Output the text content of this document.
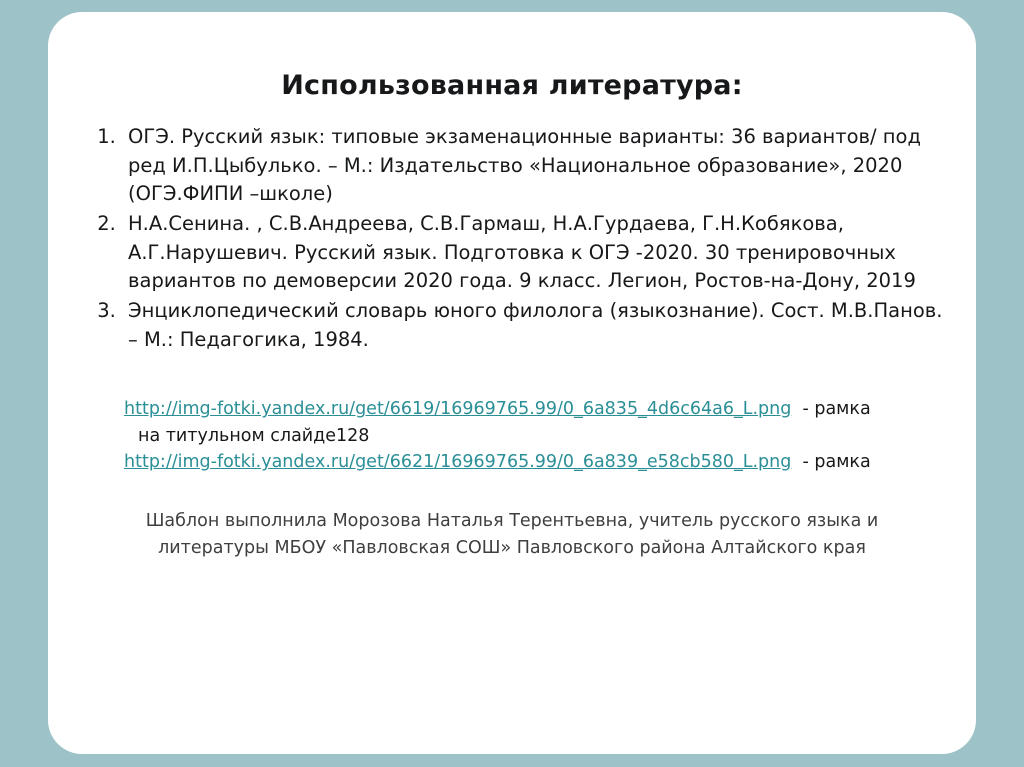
Использованная литература:
1. ОГЭ. Русский язык: типовые экзаменационные варианты: 36 вариантов/ под ред И.П.Цыбулько. – М.: Издательство «Национальное образование», 2020 (ОГЭ.ФИПИ –школе)
2. Н.А.Сенина. , С.В.Андреева, С.В.Гармаш, Н.А.Гурдаева, Г.Н.Кобякова, А.Г.Нарушевич. Русский язык. Подготовка к ОГЭ -2020. 30 тренировочных вариантов по демоверсии 2020 года. 9 класс. Легион, Ростов-на-Дону, 2019
3. Энциклопедический словарь юного филолога (языкознание). Сост. М.В.Панов. – М.: Педагогика, 1984.
http://img-fotki.yandex.ru/get/6619/16969765.99/0_6a835_4d6c64a6_L.png - рамка
на титульном слайде128
http://img-fotki.yandex.ru/get/6621/16969765.99/0_6a839_e58cb580_L.png - рамка
Шаблон выполнила Морозова Наталья Терентьевна, учитель русского языка и литературы МБОУ «Павловская СОШ» Павловского района Алтайского края
